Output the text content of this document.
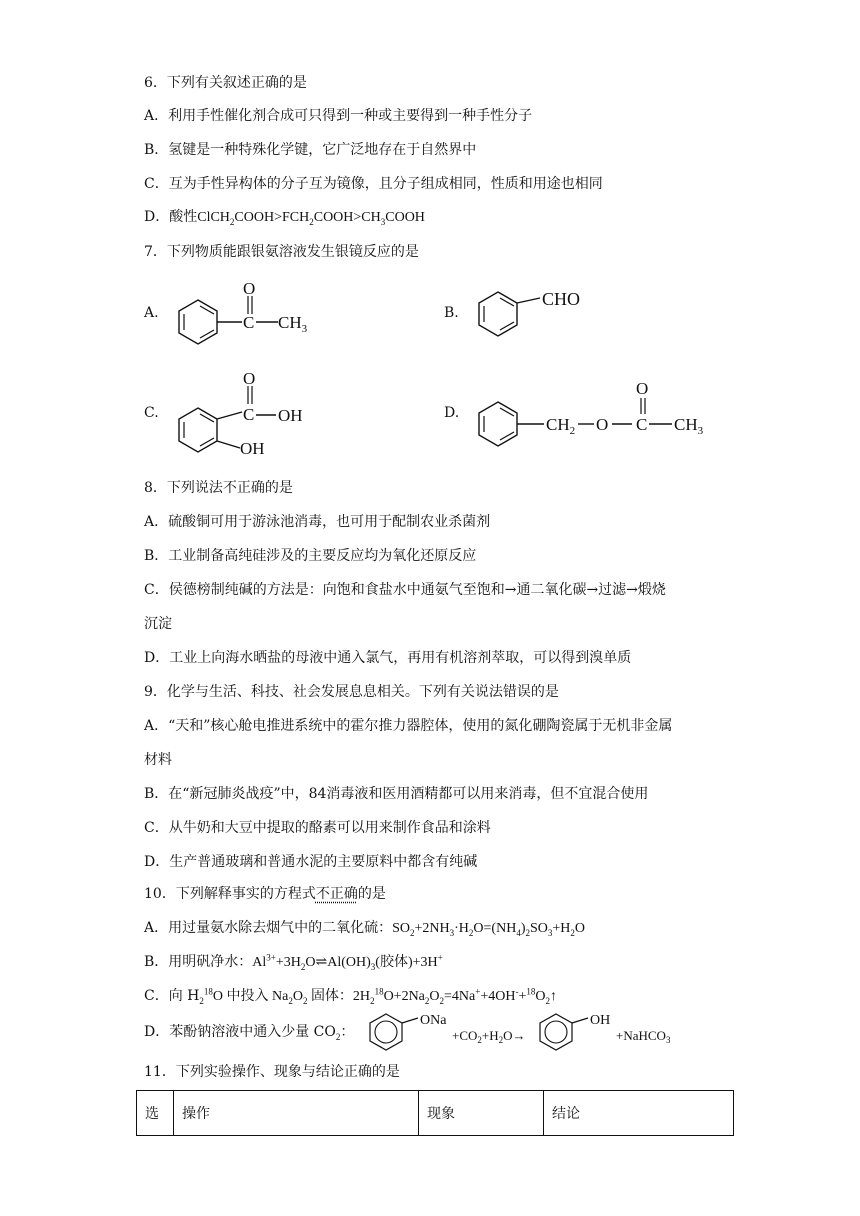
6．下列有关叙述正确的是
A．利用手性催化剂合成可只得到一种或主要得到一种手性分子
B．氢键是一种特殊化学键，它广泛地存在于自然界中
C．互为手性异构体的分子互为镜像，且分子组成相同，性质和用途也相同
D．酸性$ClCH_2COOH>FCH_2COOH>CH_3COOH$
7．下列物质能跟银氨溶液发生银镜反应的是
A.	C
O
$CH_3$
B.
CHO
C.	C
O
OH
OH
D.
$CH_2$ O C
O
$CH_3$
8．下列说法不正确的是
A．硫酸铜可用于游泳池消毒，也可用于配制农业杀菌剂
B．工业制备高纯硅涉及的主要反应均为氧化还原反应
C．侯德榜制纯碱的方法是：向饱和食盐水中通氨气至饱和→通二氧化碳→过滤→煅烧
沉淀
D．工业上向海水晒盐的母液中通入氯气，再用有机溶剂萃取，可以得到溴单质
9．化学与生活、科技、社会发展息息相关。下列有关说法错误的是
A．“天和”核心舱电推进系统中的霍尔推力器腔体，使用的氮化硼陶瓷属于无机非金属
材料
B．在“新冠肺炎战疫”中，84消毒液和医用酒精都可以用来消毒，但不宜混合使用
C．从牛奶和大豆中提取的酪素可以用来制作食品和涂料
D．生产普通玻璃和普通水泥的主要原料中都含有纯碱
10．下列解释事实的方程式不正确的是
A．用过量氨水除去烟气中的二氧化硫：$SO_2+2NH_3\cdot H_2O=(NH_4)_2SO_3+H_2O$
B．用明矾净水：$Al^{3+}+3H_2O\rightleftharpoons Al(OH)_3$(胶体)+3H+
C．向 $H_2^{18}O$ 中投入 $Na_2O_2$ 固体：$2H_2^{18}O+2Na_2O_2=4Na^++4OH^-+^{18}O_2↑$
D．苯酚钠溶液中通入少量 $CO_2$：
ONa
$+CO_2+H_2O\to$
OH
+NaHCO$_3$
11．下列实验操作、现象与结论正确的是
选	操作	现象	结论
